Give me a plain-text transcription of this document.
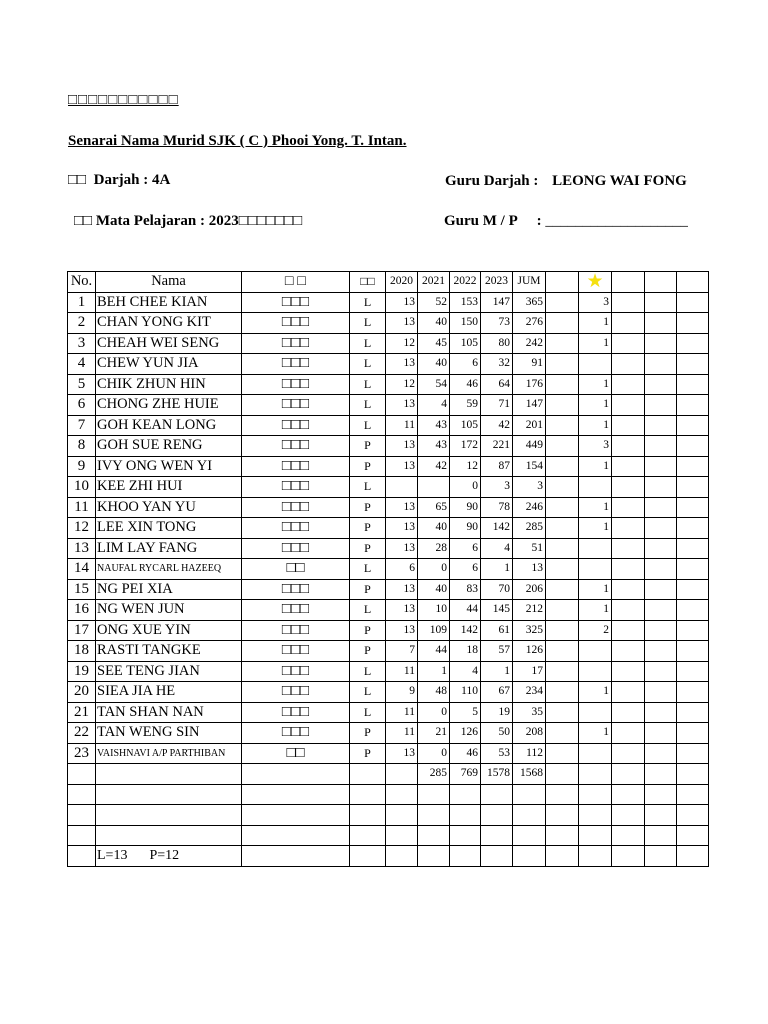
□□□□□□□□□□□
Senarai Nama Murid SJK ( C ) Phooi Yong. T. Intan.
□□ Darjah : 4A	Guru Darjah : LEONG WAI FONG
□□ Mata Pelajaran : 2023□□□□□□□	Guru M / P : ___________________
No.	Nama	□ □	□□	2020	2021	2022	2023	JUM		★			
1	BEH CHEE KIAN	□□□	L	13	52	153	147	365		3			
2	CHAN YONG KIT	□□□	L	13	40	150	73	276		1			
3	CHEAH WEI SENG	□□□	L	12	45	105	80	242		1			
4	CHEW YUN JIA	□□□	L	13	40	6	32	91					
5	CHIK ZHUN HIN	□□□	L	12	54	46	64	176		1			
6	CHONG ZHE HUIE	□□□	L	13	4	59	71	147		1			
7	GOH KEAN LONG	□□□	L	11	43	105	42	201		1			
8	GOH SUE RENG	□□□	P	13	43	172	221	449		3			
9	IVY ONG WEN YI	□□□	P	13	42	12	87	154		1			
10	KEE ZHI HUI	□□□	L			0	3	3					
11	KHOO YAN YU	□□□	P	13	65	90	78	246		1			
12	LEE XIN TONG	□□□	P	13	40	90	142	285		1			
13	LIM LAY FANG	□□□	P	13	28	6	4	51					
14	NAUFAL RYCARL HAZEEQ	□□	L	6	0	6	1	13					
15	NG PEI XIA	□□□	P	13	40	83	70	206		1			
16	NG WEN JUN	□□□	L	13	10	44	145	212		1			
17	ONG XUE YIN	□□□	P	13	109	142	61	325		2			
18	RASTI TANGKE	□□□	P	7	44	18	57	126					
19	SEE TENG JIAN	□□□	L	11	1	4	1	17					
20	SIEA JIA HE	□□□	L	9	48	110	67	234		1			
21	TAN SHAN NAN	□□□	L	11	0	5	19	35					
22	TAN WENG SIN	□□□	P	11	21	126	50	208		1			
23	VAISHNAVI A/P PARTHIBAN	□□	P	13	0	46	53	112					
					285	769	1578	1568					

	L=13 P=12												
